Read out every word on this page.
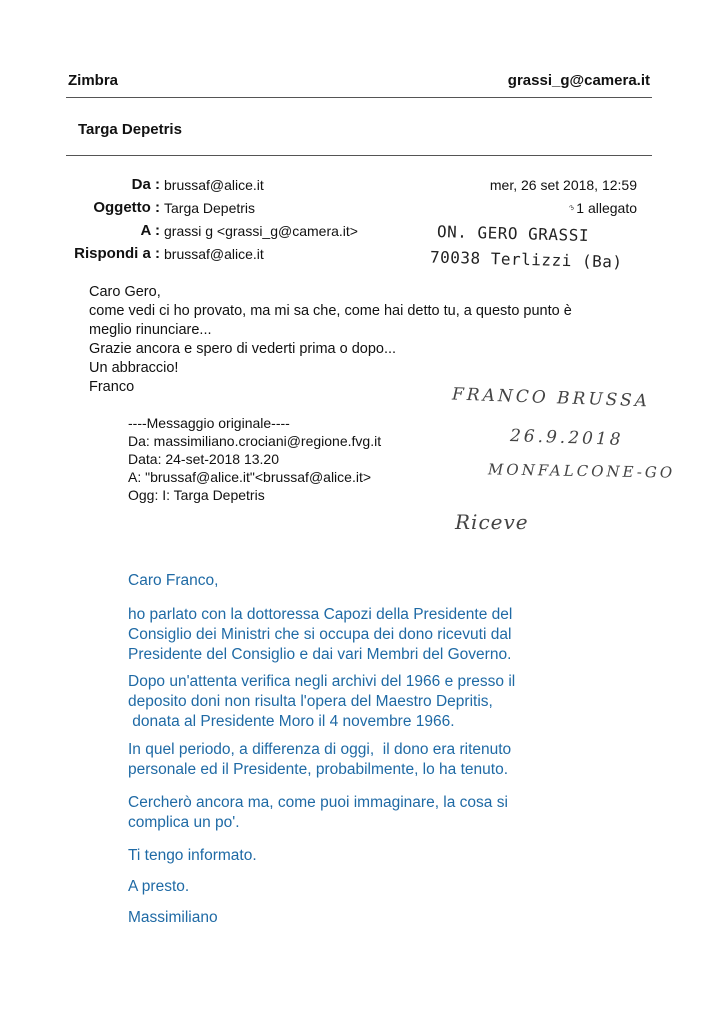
Zimbra	grassi_g@camera.it
Targa Depetris
Da : brussaf@alice.it	mer, 26 set 2018, 12:59
Oggetto : Targa Depetris	ᵌ1 allegato
A : grassi g <grassi_g@camera.it>
Rispondi a : brussaf@alice.it
ON. GERO GRASSI
70038 Terlizzi (Ba)
Caro Gero,
come vedi ci ho provato, ma mi sa che, come hai detto tu, a questo punto è
meglio rinunciare...
Grazie ancora e spero di vederti prima o dopo...
Un abbraccio!
Franco	FRANCO BRUSSA
26.9.2018
MONFALCONE-GO
Riceve
----Messaggio originale----
Da: massimiliano.crociani@regione.fvg.it
Data: 24-set-2018 13.20
A: "brussaf@alice.it"<brussaf@alice.it>
Ogg: I: Targa Depetris
Caro Franco,
ho parlato con la dottoressa Capozi della Presidente del
Consiglio dei Ministri che si occupa dei dono ricevuti dal
Presidente del Consiglio e dai vari Membri del Governo.
Dopo un'attenta verifica negli archivi del 1966 e presso il
deposito doni non risulta l'opera del Maestro Depritis,
donata al Presidente Moro il 4 novembre 1966.
In quel periodo, a differenza di oggi,  il dono era ritenuto
personale ed il Presidente, probabilmente, lo ha tenuto.
Cercherò ancora ma, come puoi immaginare, la cosa si
complica un po'.
Ti tengo informato.
A presto.
Massimiliano
